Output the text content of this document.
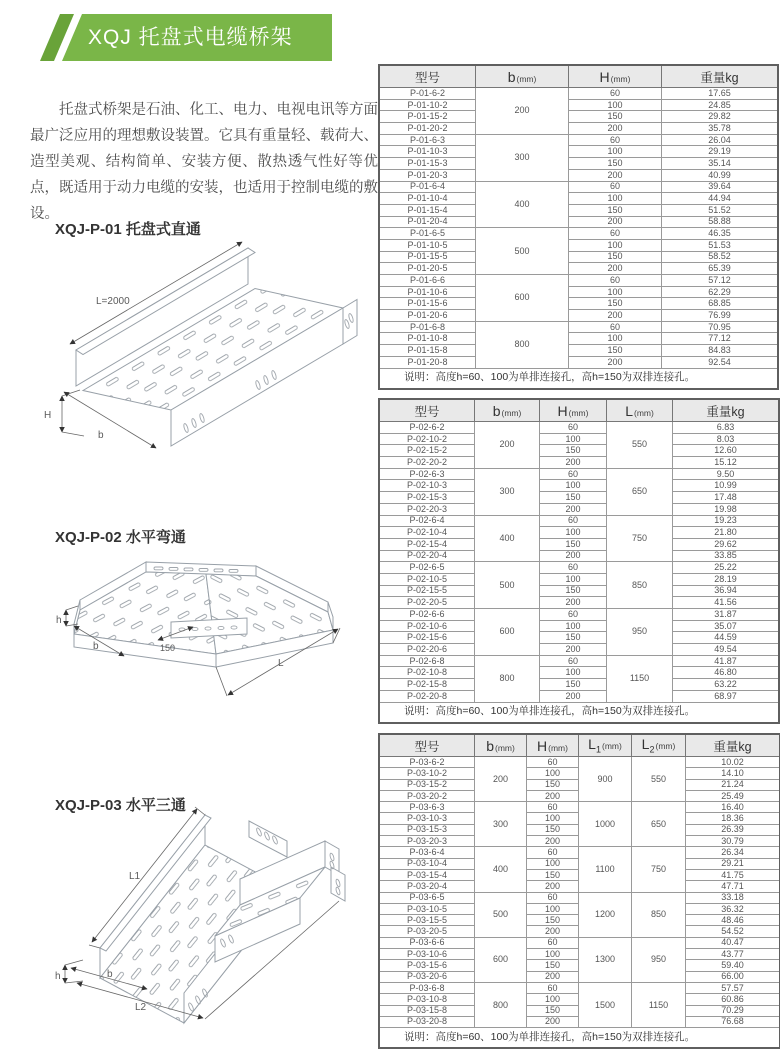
XQJ 托盘式电缆桥架

托盘式桥架是石油、化工、电力、电视电讯等方面最广泛应用的理想敷设装置。它具有重量轻、载荷大、造型美观、结构简单、安装方便、散热透气性好等优点，既适用于动力电缆的安装，也适用于控制电缆的敷设。

XQJ-P-01 托盘式直通
XQJ-P-02 水平弯通
XQJ-P-03 水平三通
L=2000
H
b
h
b	150
L
L1
h	b
L2
型号	b(mm)	H(mm)	重量kg
P-01-6-2	200	60	17.65
P-01-10-2		100	24.85
P-01-15-2		150	29.82
P-01-20-2		200	35.78
P-01-6-3	300	60	26.04
P-01-10-3		100	29.19
P-01-15-3		150	35.14
P-01-20-3		200	40.99
P-01-6-4	400	60	39.64
P-01-10-4		100	44.94
P-01-15-4		150	51.52
P-01-20-4		200	58.88
P-01-6-5	500	60	46.35
P-01-10-5		100	51.53
P-01-15-5		150	58.52
P-01-20-5		200	65.39
P-01-6-6	600	60	57.12
P-01-10-6		100	62.29
P-01-15-6		150	68.85
P-01-20-6		200	76.99
P-01-6-8	800	60	70.95
P-01-10-8		100	77.12
P-01-15-8		150	84.83
P-01-20-8		200	92.54
说明：高度h=60、100为单排连接孔，高h=150为双排连接孔。			
型号	b(mm)	H(mm)	L(mm)	重量kg
P-02-6-2	200	60	550	6.83
P-02-10-2		100		8.03
P-02-15-2		150		12.60
P-02-20-2		200		15.12
P-02-6-3	300	60	650	9.50
P-02-10-3		100		10.99
P-02-15-3		150		17.48
P-02-20-3		200		19.98
P-02-6-4	400	60	750	19.23
P-02-10-4		100		21.80
P-02-15-4		150		29.62
P-02-20-4		200		33.85
P-02-6-5	500	60	850	25.22
P-02-10-5		100		28.19
P-02-15-5		150		36.94
P-02-20-5		200		41.56
P-02-6-6	600	60	950	31.87
P-02-10-6		100		35.07
P-02-15-6		150		44.59
P-02-20-6		200		49.54
P-02-6-8	800	60	1150	41.87
P-02-10-8		100		46.80
P-02-15-8		150		63.22
P-02-20-8		200		68.97
说明：高度h=60、100为单排连接孔，高h=150为双排连接孔。				
型号	b(mm)	H(mm)	$L_1(mm)$	$L_2(mm)$	重量kg
P-03-6-2	200	60	900	550	10.02
P-03-10-2		100			14.10
P-03-15-2		150			21.24
P-03-20-2		200			25.49
P-03-6-3	300	60	1000	650	16.40
P-03-10-3		100			18.36
P-03-15-3		150			26.39
P-03-20-3		200			30.79
P-03-6-4	400	60	1100	750	26.34
P-03-10-4		100			29.21
P-03-15-4		150			41.75
P-03-20-4		200			47.71
P-03-6-5	500	60	1200	850	33.18
P-03-10-5		100			36.32
P-03-15-5		150			48.46
P-03-20-5		200			54.52
P-03-6-6	600	60	1300	950	40.47
P-03-10-6		100			43.77
P-03-15-6		150			59.40
P-03-20-6		200			66.00
P-03-6-8	800	60	1500	1150	57.57
P-03-10-8		100			60.86
P-03-15-8		150			70.29
P-03-20-8		200			76.68
说明：高度h=60、100为单排连接孔，高h=150为双排连接孔。					
